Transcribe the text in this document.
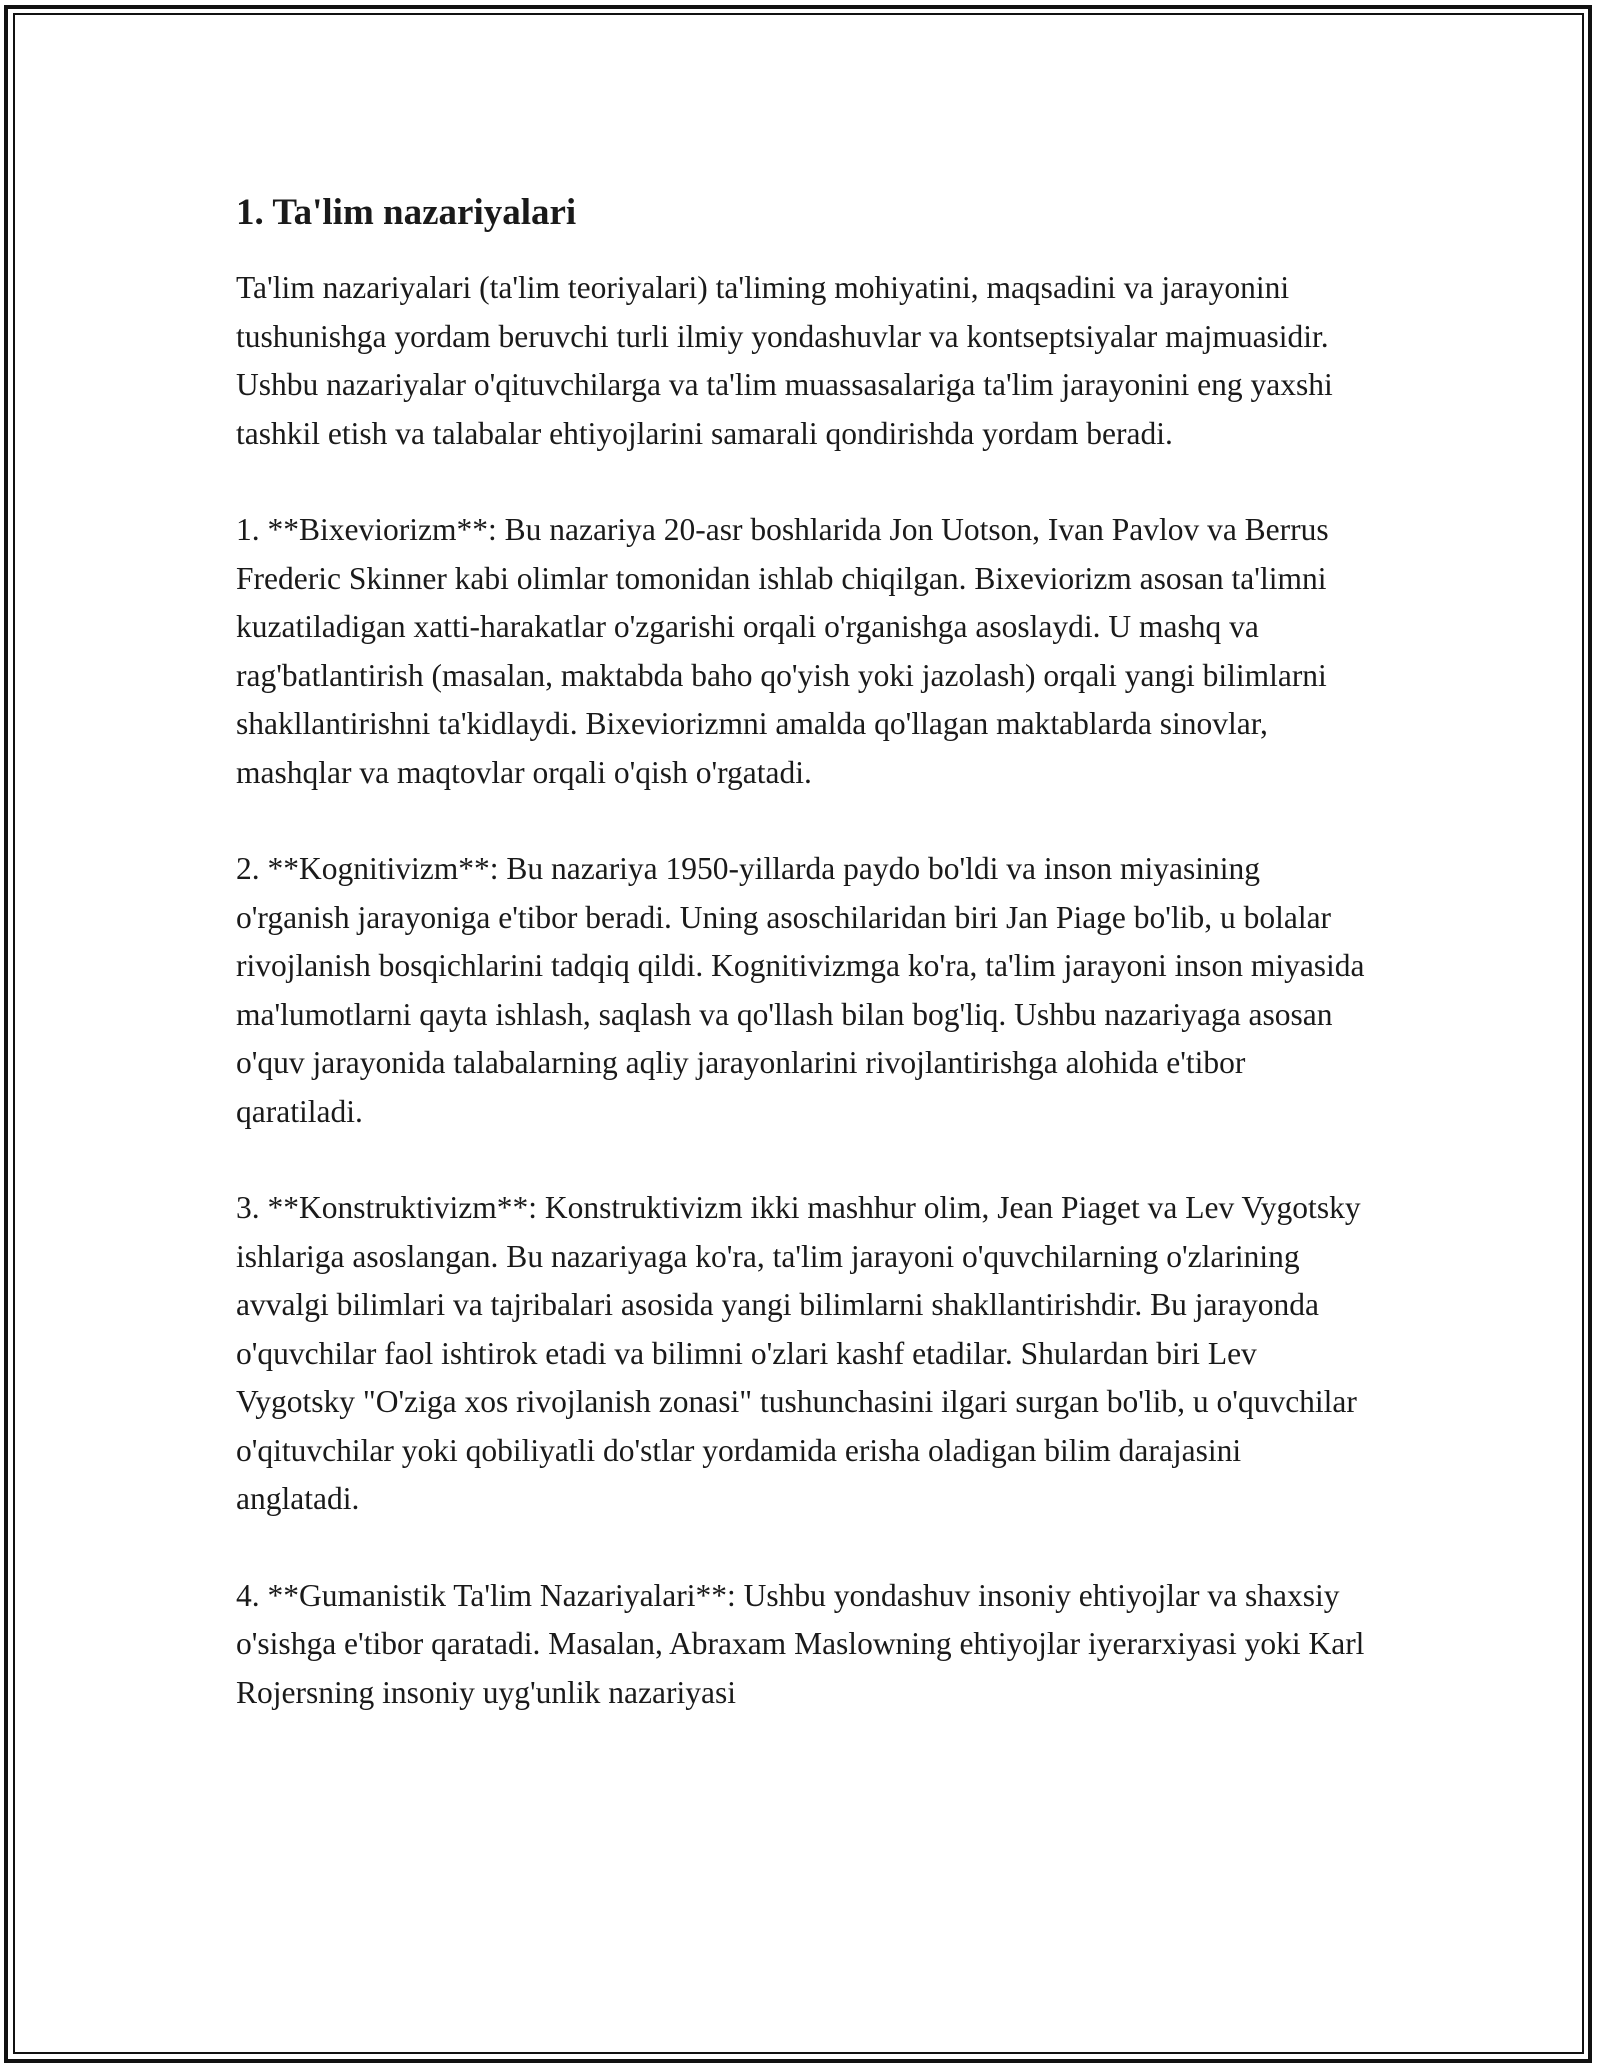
1. Ta'lim nazariyalari

Ta'lim nazariyalari (ta'lim teoriyalari) ta'liming mohiyatini, maqsadini va jarayonini tushunishga yordam beruvchi turli ilmiy yondashuvlar va kontseptsiyalar majmuasidir. Ushbu nazariyalar o'qituvchilarga va ta'lim muassasalariga ta'lim jarayonini eng yaxshi tashkil etish va talabalar ehtiyojlarini samarali qondirishda yordam beradi.

1. **Bixeviorizm**: Bu nazariya 20-asr boshlarida Jon Uotson, Ivan Pavlov va Berrus Frederic Skinner kabi olimlar tomonidan ishlab chiqilgan. Bixeviorizm asosan ta'limni kuzatiladigan xatti-harakatlar o'zgarishi orqali o'rganishga asoslaydi. U mashq va rag'batlantirish (masalan, maktabda baho qo'yish yoki jazolash) orqali yangi bilimlarni shakllantirishni ta'kidlaydi. Bixeviorizmni amalda qo'llagan maktablarda sinovlar, mashqlar va maqtovlar orqali o'qish o'rgatadi.

2. **Kognitivizm**: Bu nazariya 1950-yillarda paydo bo'ldi va inson miyasining o'rganish jarayoniga e'tibor beradi. Uning asoschilaridan biri Jan Piage bo'lib, u bolalar rivojlanish bosqichlarini tadqiq qildi. Kognitivizmga ko'ra, ta'lim jarayoni inson miyasida ma'lumotlarni qayta ishlash, saqlash va qo'llash bilan bog'liq. Ushbu nazariyaga asosan o'quv jarayonida talabalarning aqliy jarayonlarini rivojlantirishga alohida e'tibor qaratiladi.

3. **Konstruktivizm**: Konstruktivizm ikki mashhur olim, Jean Piaget va Lev Vygotsky ishlariga asoslangan. Bu nazariyaga ko'ra, ta'lim jarayoni o'quvchilarning o'zlarining avvalgi bilimlari va tajribalari asosida yangi bilimlarni shakllantirishdir. Bu jarayonda o'quvchilar faol ishtirok etadi va bilimni o'zlari kashf etadilar. Shulardan biri Lev Vygotsky "O'ziga xos rivojlanish zonasi" tushunchasini ilgari surgan bo'lib, u o'quvchilar o'qituvchilar yoki qobiliyatli do'stlar yordamida erisha oladigan bilim darajasini anglatadi.

4. **Gumanistik Ta'lim Nazariyalari**: Ushbu yondashuv insoniy ehtiyojlar va shaxsiy o'sishga e'tibor qaratadi. Masalan, Abraxam Maslowning ehtiyojlar iyerarxiyasi yoki Karl Rojersning insoniy uyg'unlik nazariyasi
